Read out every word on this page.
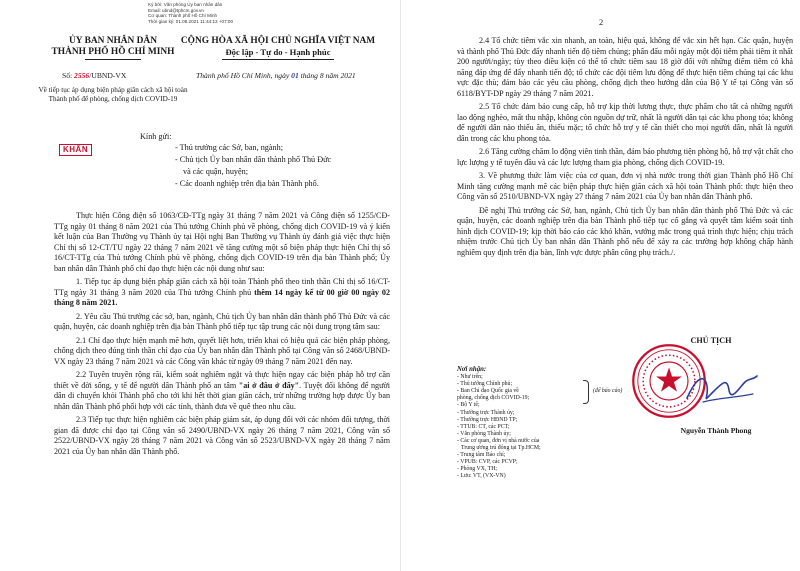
Ký bởi: Văn phòng Ủy ban nhân dân
Email: ubnd@tphcm.gov.vn
Cơ quan: Thành phố Hồ Chí Minh
Thời gian ký: 01.08.2021 11:44:13 +07:00
ỦY BAN NHÂN DÂN
THÀNH PHỐ HỒ CHÍ MINH
CỘNG HÒA XÃ HỘI CHỦ NGHĨA VIỆT NAM
Độc lập - Tự do - Hạnh phúc
Số: 2556/UBND-VX	Thành phố Hồ Chí Minh, ngày 01 tháng 8 năm 2021
Về tiếp tục áp dụng biện pháp giãn cách xã hội toàn Thành phố để phòng, chống dịch COVID-19
KHẨN
Kính gửi:
- Thủ trưởng các Sở, ban, ngành;
- Chủ tịch Ủy ban nhân dân thành phố Thủ Đức
và các quận, huyện;
- Các doanh nghiệp trên địa bàn Thành phố.

Thực hiện Công điện số 1063/CĐ-TTg ngày 31 tháng 7 năm 2021 và Công điện số 1255/CĐ-TTg ngày 01 tháng 8 năm 2021 của Thủ tướng Chính phủ về phòng, chống dịch COVID-19 và ý kiến kết luận của Ban Thường vụ Thành ủy tại Hội nghị Ban Thường vụ Thành ủy đánh giá việc thực hiện Chỉ thị số 12-CT/TU ngày 22 tháng 7 năm 2021 về tăng cường một số biện pháp thực hiện Chỉ thị số 16/CT-TTg của Thủ tướng Chính phủ về phòng, chống dịch COVID-19 trên địa bàn Thành phố; Ủy ban nhân dân Thành phố chỉ đạo thực hiện các nội dung như sau:

1. Tiếp tục áp dụng biện pháp giãn cách xã hội toàn Thành phố theo tinh thần Chỉ thị số 16/CT-TTg ngày 31 tháng 3 năm 2020 của Thủ tướng Chính phủ thêm 14 ngày kể từ 00 giờ 00 ngày 02 tháng 8 năm 2021.

2. Yêu cầu Thủ trưởng các sở, ban, ngành, Chủ tịch Ủy ban nhân dân thành phố Thủ Đức và các quận, huyện, các doanh nghiệp trên địa bàn Thành phố tiếp tục tập trung các nội dung trọng tâm sau:

2.1 Chỉ đạo thực hiện mạnh mẽ hơn, quyết liệt hơn, triển khai có hiệu quả các biện pháp phòng, chống dịch theo đúng tinh thần chỉ đạo của Ủy ban nhân dân Thành phố tại Công văn số 2468/UBND-VX ngày 23 tháng 7 năm 2021 và các Công văn khác từ ngày 09 tháng 7 năm 2021 đến nay.

2.2 Tuyên truyền rộng rãi, kiểm soát nghiêm ngặt và thực hiện ngay các biện pháp hỗ trợ cần thiết về đời sống, y tế để người dân Thành phố an tâm "ai ở đâu ở đấy". Tuyệt đối không để người dân di chuyển khỏi Thành phố cho tới khi hết thời gian giãn cách, trừ những trường hợp được Ủy ban nhân dân Thành phố phối hợp với các tỉnh, thành đưa về quê theo nhu cầu.

2.3 Tiếp tục thực hiện nghiêm các biện pháp giám sát, áp dụng đối với các nhóm đối tượng, thời gian đã được chỉ đạo tại Công văn số 2490/UBND-VX ngày 26 tháng 7 năm 2021, Công văn số 2522/UBND-VX ngày 28 tháng 7 năm 2021 và Công văn số 2523/UBND-VX ngày 28 tháng 7 năm 2021 của Ủy ban nhân dân Thành phố.

2

2.4 Tổ chức tiêm vắc xin nhanh, an toàn, hiệu quả, không để vắc xin hết hạn. Các quận, huyện và thành phố Thủ Đức đẩy nhanh tiến độ tiêm chủng; phấn đấu mỗi ngày một đội tiêm phải tiêm ít nhất 200 người/ngày; tùy theo điều kiện có thể tổ chức tiêm sau 18 giờ đối với những điểm tiêm có khả năng đáp ứng để đẩy nhanh tiến độ; tổ chức các đội tiêm lưu động để thực hiện tiêm chủng tại các khu vực đặc thù; đảm bảo các yêu cầu phòng, chống dịch theo hướng dẫn của Bộ Y tế tại Công văn số 6118/BYT-DP ngày 29 tháng 7 năm 2021.

2.5 Tổ chức đảm bảo cung cấp, hỗ trợ kịp thời lương thực, thực phẩm cho tất cả những người lao động nghèo, mất thu nhập, không còn nguồn dự trữ, nhất là người dân tại các khu phong tỏa; không để người dân nào thiếu ăn, thiếu mặc; tổ chức hỗ trợ y tế cần thiết cho mọi người dân, nhất là người dân trong các khu phong tỏa.

2.6 Tăng cường chăm lo động viên tinh thần, đảm bảo phương tiện phòng hộ, hỗ trợ vật chất cho lực lượng y tế tuyến đầu và các lực lượng tham gia phòng, chống dịch COVID-19.

3. Về phương thức làm việc của cơ quan, đơn vị nhà nước trong thời gian Thành phố Hồ Chí Minh tăng cường mạnh mẽ các biện pháp thực hiện giãn cách xã hội toàn Thành phố: thực hiện theo Công văn số 2510/UBND-VX ngày 27 tháng 7 năm 2021 của Ủy ban nhân dân Thành phố.

Đề nghị Thủ trưởng các Sở, ban, ngành, Chủ tịch Ủy ban nhân dân thành phố Thủ Đức và các quận, huyện, các doanh nghiệp trên địa bàn Thành phố tiếp tục cố gắng và quyết tâm kiểm soát tình hình dịch COVID-19; kịp thời báo cáo các khó khăn, vướng mắc trong quá trình thực hiện; chịu trách nhiệm trước Chủ tịch Ủy ban nhân dân Thành phố nếu để xảy ra các trường hợp không chấp hành nghiêm quy định trên địa bàn, lĩnh vực được phân công phụ trách./.

Nơi nhận:
- Như trên;
- Thủ tướng Chính phủ;
- Ban Chỉ đạo Quốc gia về
phòng, chống dịch COVID-19;
(để báo cáo)
- Bộ Y tế;
- Thường trực Thành ủy;
- Thường trực HĐND TP;
- TTUB: CT, các PCT;
- Văn phòng Thành ủy;
- Các cơ quan, đơn vị nhà nước của
Trung ương trú đóng tại Tp.HCM;
- Trung tâm Báo chí;
- VPUB: CVP, các PCVP;
- Phòng VX, TH;
- Lưu: VT, (VX-VN)
CHỦ TỊCH
Nguyễn Thành Phong
